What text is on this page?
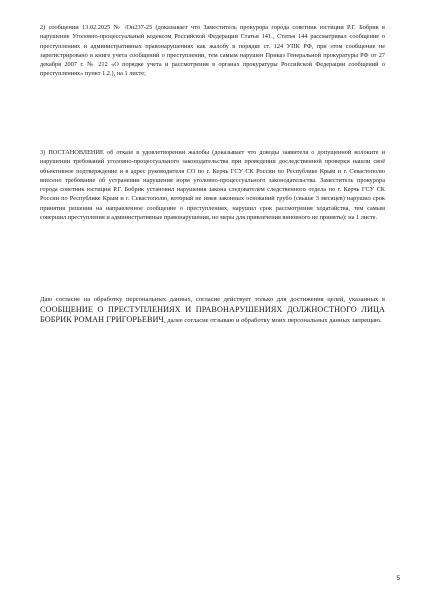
2) сообщении 13.02.2025 № /Он237-25 (доказывает что Заместитель прокурора города советник юстиции Р.Г. Бобрик в нарушение Уголовно-процессуальный кодексом Российской Федерации Статья 141., Статья 144 рассматривал сообщение о преступлениях и административных правонарушениях как жалобу в порядке ст. 124 УПК РФ, при этом сообщение не зарегистрировано в книге учета сообщений о преступлении, тем самым нарушен Приказ Генеральной прокуратуры РФ от 27 декабря 2007 г. № 212 «О порядке учета и рассмотрения в органах прокуратуры Российской Федерации сообщений о преступлениях» пункт 1.2.), на 1 листе;

3) ПОСТАНОВЛЕНИЕ об отказе в удовлетворении жалобы (доказывает что доводы заявителя о допущенной волоките и нарушении требований уголовно-процессуального законодательства при проведении доследственной проверки нашли своё объективное подтверждение и в адрес руководителя СО по г. Керчь ГСУ СК России по Республике Крым и г. Севастополю внесено требование об устранении нарушения норм уголовно-процессуального законодательства. Заместитель прокурора города советник юстиции Р.Г. Бобрик установил нарушения закона следователем следственного отдела по г. Керчь ГСУ СК России по Республике Крым и г. Севастополю, который не имея законных оснований грубо (свыше 3 месяцев) нарушил срок принятия решения на направленное сообщение о преступлениях, нарушил срок рассмотрения ходатайства, тем самым совершил преступления и административные правонарушения, но меры для привлечения виновного не приняты): на 1 листе.

Даю согласие на обработку персональных данных, согласие действует только для достижения целей, указанных в СООБЩЕНИЕ О ПРЕСТУПЛЕНИЯХ И ПРАВОНАРУШЕНИЯХ ДОЛЖНОСТНОГО ЛИЦА БОБРИК РОМАН ГРИГОРЬЕВИЧ, далее согласие отзываю и обработку моих персональных данных запрещаю.

5
